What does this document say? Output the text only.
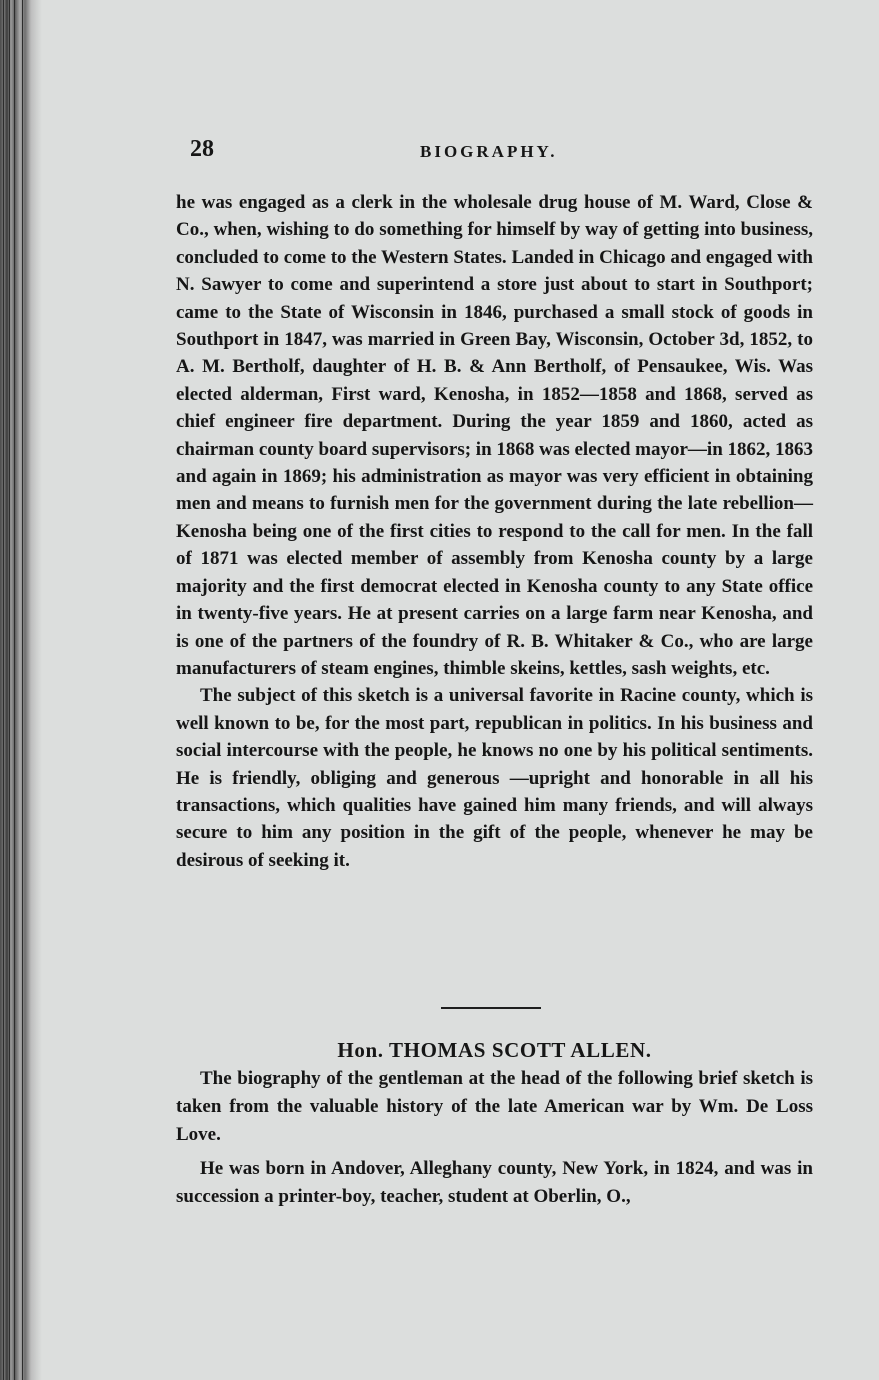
28	BIOGRAPHY.

he was engaged as a clerk in the wholesale drug house of M. Ward, Close & Co., when, wishing to do something for himself by way of getting into business, concluded to come to the Western States. Landed in Chicago and engaged with N. Sawyer to come and superintend a store just about to start in Southport; came to the State of Wisconsin in 1846, purchased a small stock of goods in Southport in 1847, was married in Green Bay, Wisconsin, October 3d, 1852, to A. M. Bertholf, daughter of H. B. & Ann Bertholf, of Pensaukee, Wis. Was elected alderman, First ward, Kenosha, in 1852—1858 and 1868, served as chief engineer fire department. During the year 1859 and 1860, acted as chairman county board supervisors; in 1868 was elected mayor—in 1862, 1863 and again in 1869; his administration as mayor was very efficient in obtaining men and means to furnish men for the government during the late rebellion—Kenosha being one of the first cities to respond to the call for men. In the fall of 1871 was elected member of assembly from Kenosha county by a large majority and the first democrat elected in Kenosha county to any State office in twenty-five years. He at present carries on a large farm near Kenosha, and is one of the partners of the foundry of R. B. Whitaker & Co., who are large manufacturers of steam engines, thimble skeins, kettles, sash weights, etc.

The subject of this sketch is a universal favorite in Racine county, which is well known to be, for the most part, republican in politics. In his business and social intercourse with the people, he knows no one by his political sentiments. He is friendly, obliging and generous —upright and honorable in all his transactions, which qualities have gained him many friends, and will always secure to him any position in the gift of the people, whenever he may be desirous of seeking it.

Hon. THOMAS SCOTT ALLEN.

The biography of the gentleman at the head of the following brief sketch is taken from the valuable history of the late American war by Wm. De Loss Love.

He was born in Andover, Alleghany county, New York, in 1824, and was in succession a printer-boy, teacher, student at Oberlin, O.,
